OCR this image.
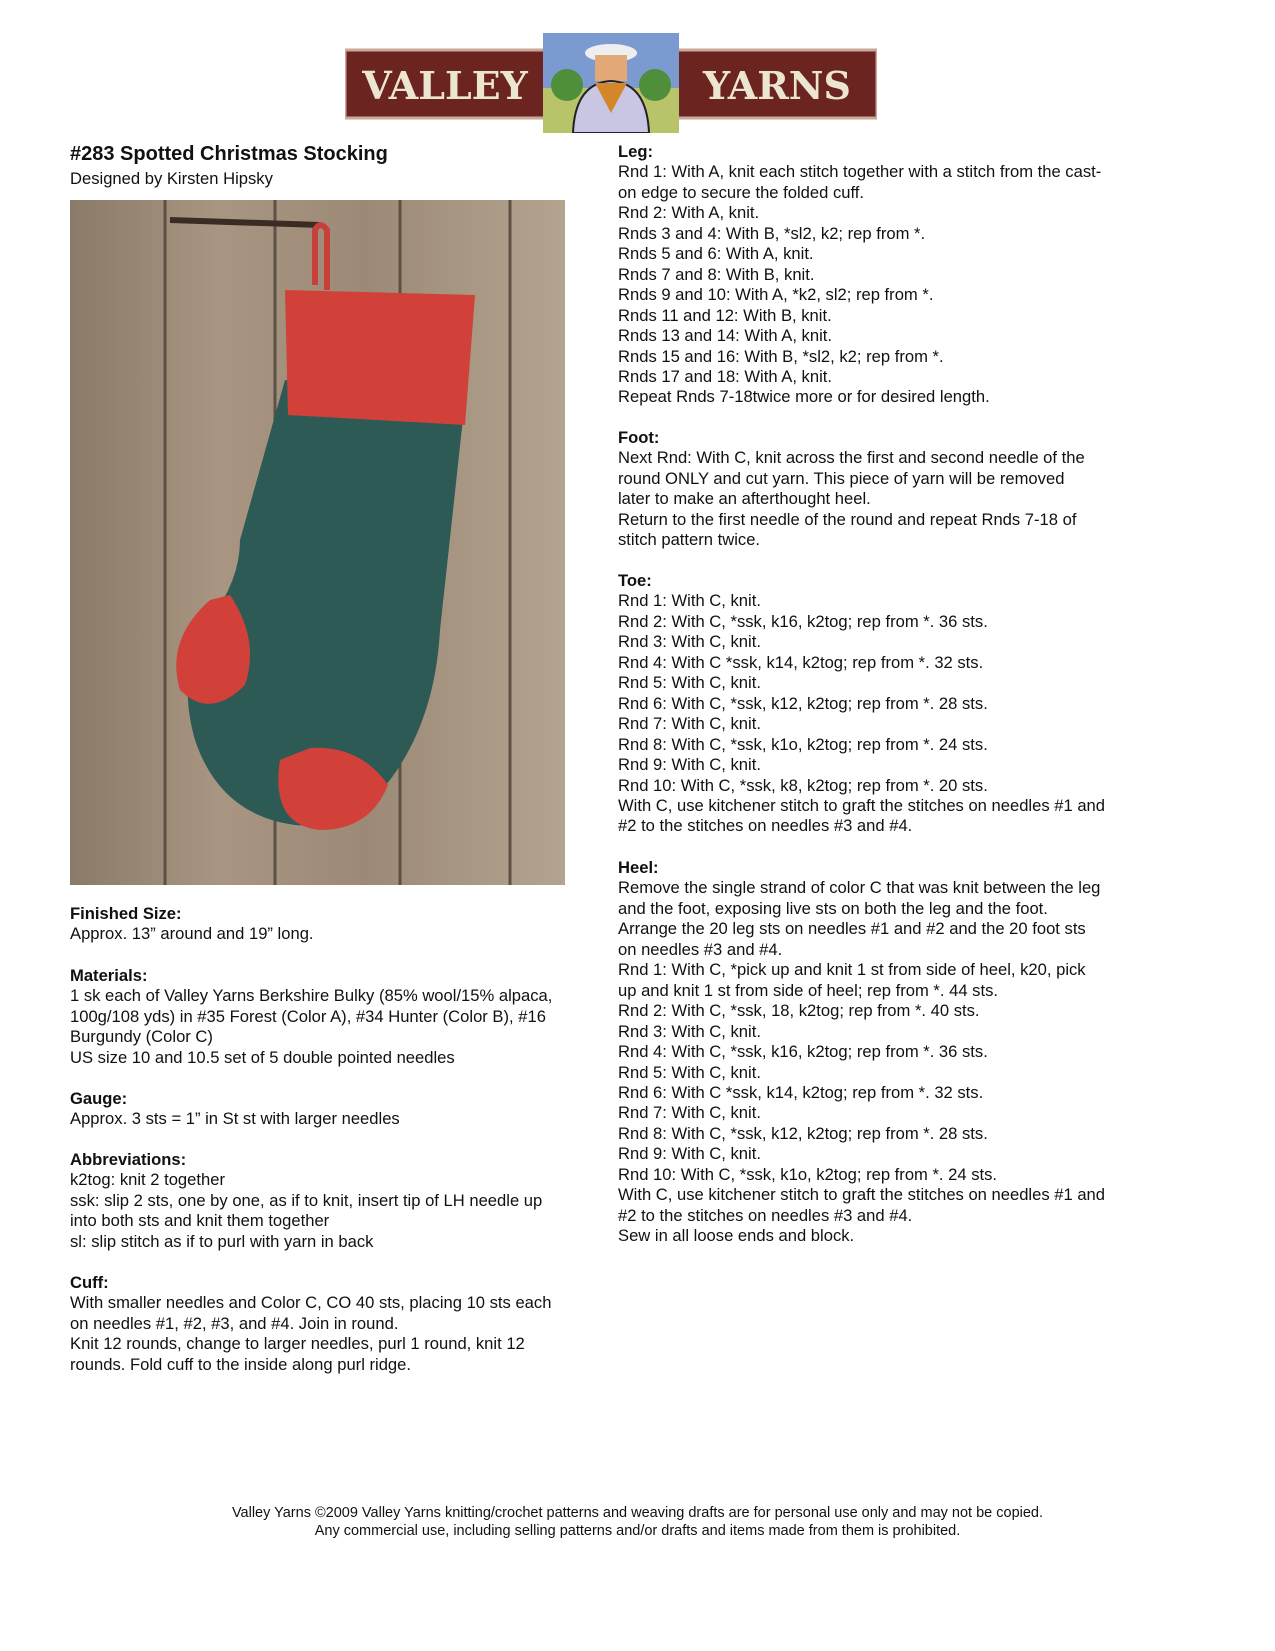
VALLEY	YARNS
#283 Spotted Christmas Stocking
Designed by Kirsten Hipsky
Valley Yarns ©2009 Valley Yarns knitting/crochet patterns and weaving drafts are for personal use only and may not be copied.
Any commercial use, including selling patterns and/or drafts and items made from them is prohibited.
Finished Size:
Approx. 13” around and 19” long.
Materials:
1 sk each of Valley Yarns Berkshire Bulky (85% wool/15% alpaca,
100g/108 yds) in #35 Forest (Color A), #34 Hunter (Color B), #16
Burgundy (Color C)
US size 10 and 10.5 set of 5 double pointed needles
Gauge:
Approx. 3 sts = 1” in St st with larger needles
Abbreviations:
k2tog: knit 2 together
ssk: slip 2 sts, one by one, as if to knit, insert tip of LH needle up
into both sts and knit them together
sl: slip stitch as if to purl with yarn in back
Cuff:
With smaller needles and Color C, CO 40 sts, placing 10 sts each
on needles #1, #2, #3, and #4. Join in round.
Knit 12 rounds, change to larger needles, purl 1 round, knit 12
rounds. Fold cuff to the inside along purl ridge.
Leg:
Rnd 1: With A, knit each stitch together with a stitch from the cast-
on edge to secure the folded cuff.
Rnd 2: With A, knit.
Rnds 3 and 4: With B, *sl2, k2; rep from *.
Rnds 5 and 6: With A, knit.
Rnds 7 and 8: With B, knit.
Rnds 9 and 10: With A, *k2, sl2; rep from *.
Rnds 11 and 12: With B, knit.
Rnds 13 and 14: With A, knit.
Rnds 15 and 16: With B, *sl2, k2; rep from *.
Rnds 17 and 18: With A, knit.
Repeat Rnds 7-18twice more or for desired length.
Foot:
Next Rnd: With C, knit across the first and second needle of the
round ONLY and cut yarn. This piece of yarn will be removed
later to make an afterthought heel.
Return to the first needle of the round and repeat Rnds 7-18 of
stitch pattern twice.
Toe:
Rnd 1: With C, knit.
Rnd 2: With C, *ssk, k16, k2tog; rep from *. 36 sts.
Rnd 3: With C, knit.
Rnd 4: With C *ssk, k14, k2tog; rep from *. 32 sts.
Rnd 5: With C, knit.
Rnd 6: With C, *ssk, k12, k2tog; rep from *. 28 sts.
Rnd 7: With C, knit.
Rnd 8: With C, *ssk, k1o, k2tog; rep from *. 24 sts.
Rnd 9: With C, knit.
Rnd 10: With C, *ssk, k8, k2tog; rep from *. 20 sts.
With C, use kitchener stitch to graft the stitches on needles #1 and
#2 to the stitches on needles #3 and #4.
Heel:
Remove the single strand of color C that was knit between the leg
and the foot, exposing live sts on both the leg and the foot.
Arrange the 20 leg sts on needles #1 and #2 and the 20 foot sts
on needles #3 and #4.
Rnd 1: With C, *pick up and knit 1 st from side of heel, k20, pick
up and knit 1 st from side of heel; rep from *. 44 sts.
Rnd 2: With C, *ssk, 18, k2tog; rep from *. 40 sts.
Rnd 3: With C, knit.
Rnd 4: With C, *ssk, k16, k2tog; rep from *. 36 sts.
Rnd 5: With C, knit.
Rnd 6: With C *ssk, k14, k2tog; rep from *. 32 sts.
Rnd 7: With C, knit.
Rnd 8: With C, *ssk, k12, k2tog; rep from *. 28 sts.
Rnd 9: With C, knit.
Rnd 10: With C, *ssk, k1o, k2tog; rep from *. 24 sts.
With C, use kitchener stitch to graft the stitches on needles #1 and
#2 to the stitches on needles #3 and #4.
Sew in all loose ends and block.
